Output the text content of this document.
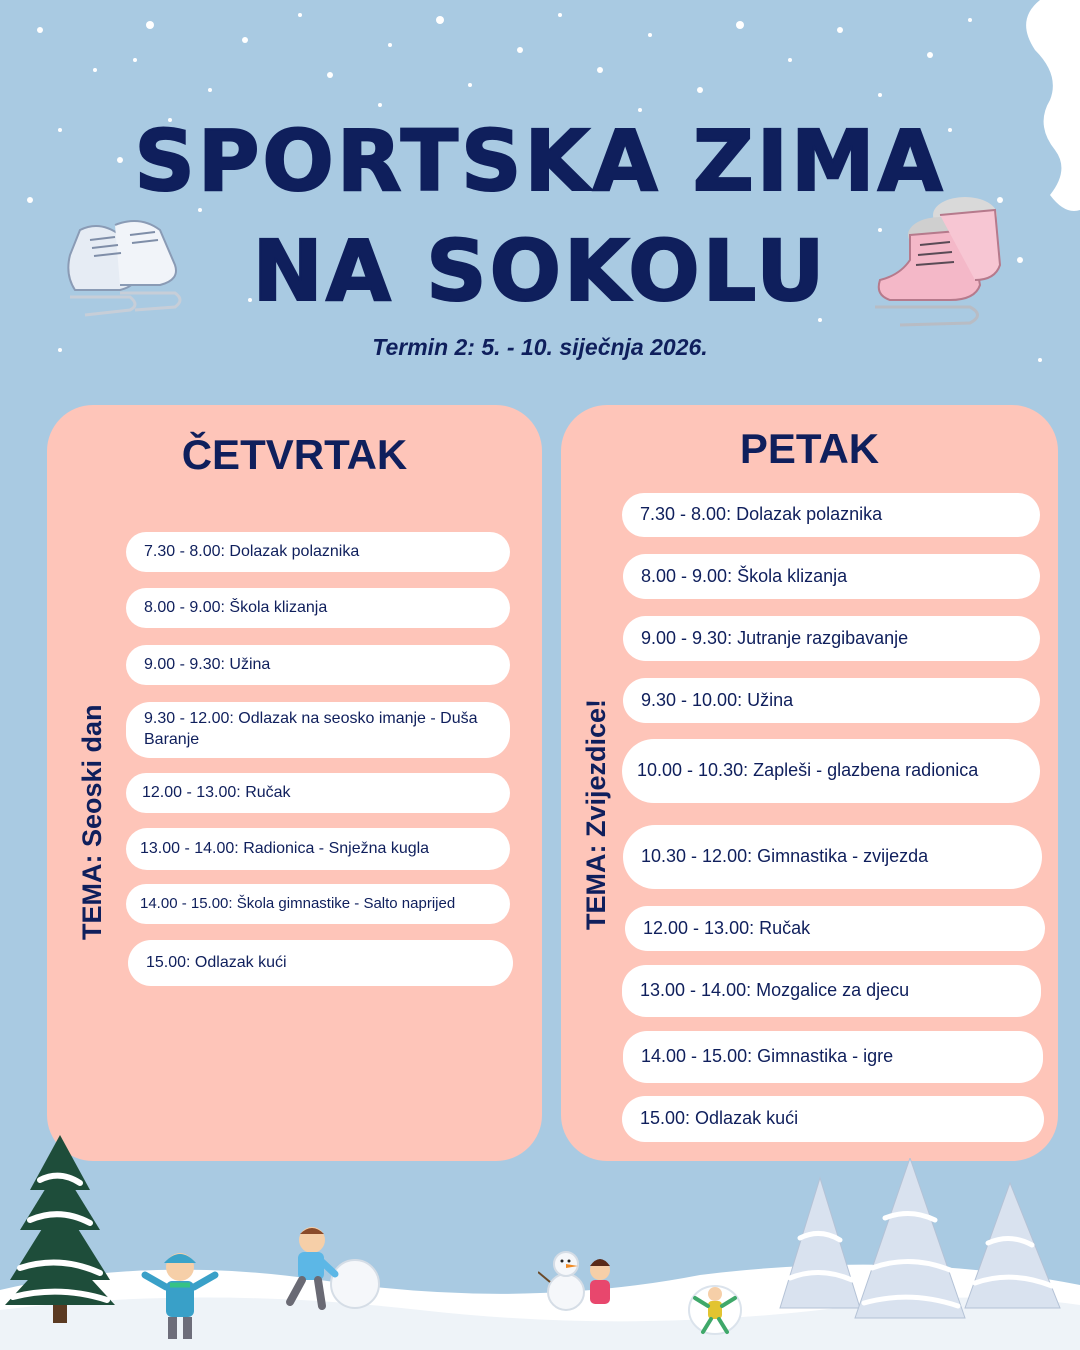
SPORTSKA ZIMA
NA SOKOLU
Termin 2: 5. - 10. siječnja 2026.
ČETVRTAK
TEMA: Seoski dan
7.30 - 8.00: Dolazak polaznika
8.00 - 9.00: Škola klizanja
9.00 - 9.30: Užina
9.30 - 12.00: Odlazak na seosko imanje - Duša Baranje
12.00 - 13.00: Ručak
13.00 - 14.00: Radionica - Snježna kugla
14.00 - 15.00: Škola gimnastike - Salto naprijed
15.00: Odlazak kući
PETAK
TEMA: Zvijezdice!
7.30 - 8.00: Dolazak polaznika
8.00 - 9.00: Škola klizanja
9.00 - 9.30: Jutranje razgibavanje
9.30 - 10.00: Užina
10.00 - 10.30: Zapleši - glazbena radionica
10.30 - 12.00: Gimnastika - zvijezda
12.00 - 13.00: Ručak
13.00 - 14.00: Mozgalice za djecu
14.00 - 15.00: Gimnastika - igre
15.00: Odlazak kući
